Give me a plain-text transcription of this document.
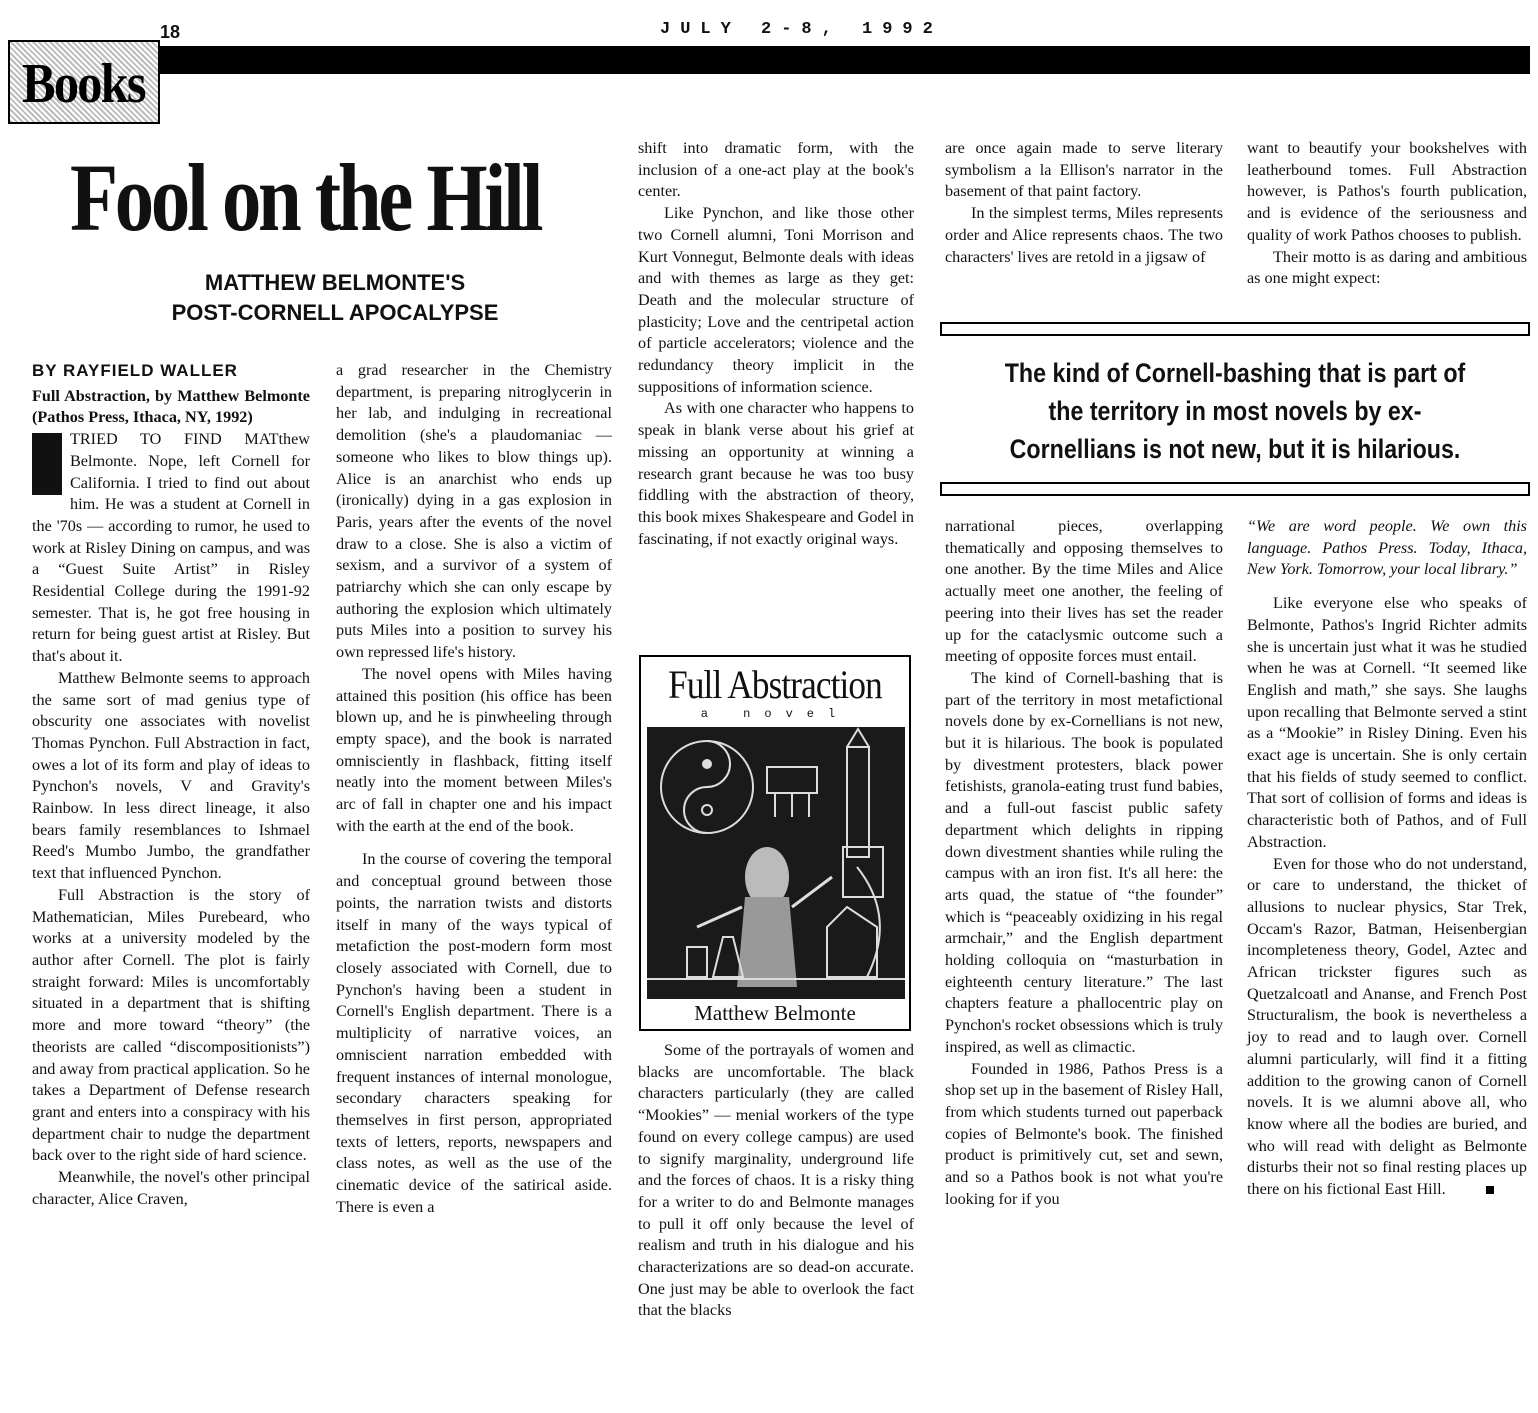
18	JULY 2-8, 1992
Books
Fool on the Hill
MATTHEW BELMONTE'S
POST-CORNELL APOCALYPSE
BY RAYFIELD WALLER

Full Abstraction, by Matthew Belmonte (Pathos Press, Ithaca, NY, 1992)

I	TRIED TO FIND MATthew Belmonte. Nope, left Cornell for California. I tried to find out about him. He was a student at Cornell in the '70s — according to rumor, he used to work at Risley Dining on campus, and was a “Guest Suite Artist” in Risley Residential College during the 1991-92 semester. That is, he got free housing in return for being guest artist at Risley. But that's about it.

Matthew Belmonte seems to approach the same sort of mad genius type of obscurity one associates with novelist Thomas Pynchon. Full Abstraction in fact, owes a lot of its form and play of ideas to Pynchon's novels, V and Gravity's Rainbow. In less direct lineage, it also bears family resemblances to Ishmael Reed's Mumbo Jumbo, the grandfather text that influenced Pynchon.

Full Abstraction is the story of Mathematician, Miles Purebeard, who works at a university modeled by the author after Cornell. The plot is fairly straight forward: Miles is uncomfortably situated in a department that is shifting more and more toward “theory” (the theorists are called “discompositionists”) and away from practical application. So he takes a Department of Defense research grant and enters into a conspiracy with his department chair to nudge the department back over to the right side of hard science.

Meanwhile, the novel's other principal character, Alice Craven,

a grad researcher in the Chemistry department, is preparing nitroglycerin in her lab, and indulging in recreational demolition (she's a plaudomaniac — someone who likes to blow things up). Alice is an anarchist who ends up (ironically) dying in a gas explosion in Paris, years after the events of the novel draw to a close. She is also a victim of sexism, and a survivor of a system of patriarchy which she can only escape by authoring the explosion which ultimately puts Miles into a position to survey his own repressed life's history.

The novel opens with Miles having attained this position (his office has been blown up, and he is pinwheeling through empty space), and the book is narrated omnisciently in flashback, fitting itself neatly into the moment between Miles's arc of fall in chapter one and his impact with the earth at the end of the book.

In the course of covering the temporal and conceptual ground between those points, the narration twists and distorts itself in many of the ways typical of metafiction the post-modern form most closely associated with Cornell, due to Pynchon's having been a student in Cornell's English department. There is a multiplicity of narrative voices, an omniscient narration embedded with frequent instances of internal monologue, secondary characters speaking for themselves in first person, appropriated texts of letters, reports, newspapers and class notes, as well as the use of the cinematic device of the satirical aside. There is even a

shift into dramatic form, with the inclusion of a one-act play at the book's center.

Like Pynchon, and like those other two Cornell alumni, Toni Morrison and Kurt Vonnegut, Belmonte deals with ideas and with themes as large as they get: Death and the molecular structure of plasticity; Love and the centripetal action of particle accelerators; violence and the redundancy theory implicit in the suppositions of information science.

As with one character who happens to speak in blank verse about his grief at missing an opportunity at winning a research grant because he was too busy fiddling with the abstraction of theory, this book mixes Shakespeare and Godel in fascinating, if not exactly original ways.

Full Abstraction
a novel
Matthew Belmonte

Some of the portrayals of women and blacks are uncomfortable. The black characters particularly (they are called “Mookies” — menial workers of the type found on every college campus) are used to signify marginality, underground life and the forces of chaos. It is a risky thing for a writer to do and Belmonte manages to pull it off only because the level of realism and truth in his dialogue and his characterizations are so dead-on accurate. One just may be able to overlook the fact that the blacks

are once again made to serve literary symbolism a la Ellison's narrator in the basement of that paint factory.

In the simplest terms, Miles represents order and Alice represents chaos. The two characters' lives are retold in a jigsaw of

want to beautify your bookshelves with leatherbound tomes. Full Abstraction however, is Pathos's fourth publication, and is evidence of the seriousness and quality of work Pathos chooses to publish.

Their motto is as daring and ambitious as one might expect:

The kind of Cornell-bashing that is part of the territory in most novels by ex-Cornellians is not new, but it is hilarious.

narrational pieces, overlapping thematically and opposing themselves to one another. By the time Miles and Alice actually meet one another, the feeling of peering into their lives has set the reader up for the cataclysmic outcome such a meeting of opposite forces must entail.

The kind of Cornell-bashing that is part of the territory in most metafictional novels done by ex-Cornellians is not new, but it is hilarious. The book is populated by divestment protesters, black power fetishists, granola-eating trust fund babies, and a full-out fascist public safety department which delights in ripping down divestment shanties while ruling the campus with an iron fist. It's all here: the arts quad, the statue of “the founder” which is “peaceably oxidizing in his regal armchair,” and the English department holding colloquia on “masturbation in eighteenth century literature.” The last chapters feature a phallocentric play on Pynchon's rocket obsessions which is truly inspired, as well as climactic.

Founded in 1986, Pathos Press is a shop set up in the basement of Risley Hall, from which students turned out paperback copies of Belmonte's book. The finished product is primitively cut, set and sewn, and so a Pathos book is not what you're looking for if you

“We are word people. We own this language. Pathos Press. Today, Ithaca, New York. Tomorrow, your local library.”

Like everyone else who speaks of Belmonte, Pathos's Ingrid Richter admits she is uncertain just what it was he studied when he was at Cornell. “It seemed like English and math,” she says. She laughs upon recalling that Belmonte served a stint as a “Mookie” in Risley Dining. Even his exact age is uncertain. She is only certain that his fields of study seemed to conflict. That sort of collision of forms and ideas is characteristic both of Pathos, and of Full Abstraction.

Even for those who do not understand, or care to understand, the thicket of allusions to nuclear physics, Star Trek, Occam's Razor, Batman, Heisenbergian incompleteness theory, Godel, Aztec and African trickster figures such as Quetzalcoatl and Ananse, and French Post Structuralism, the book is nevertheless a joy to read and to laugh over. Cornell alumni particularly, will find it a fitting addition to the growing canon of Cornell novels. It is we alumni above all, who know where all the bodies are buried, and who will read with delight as Belmonte disturbs their not so final resting places up there on his fictional East Hill.
